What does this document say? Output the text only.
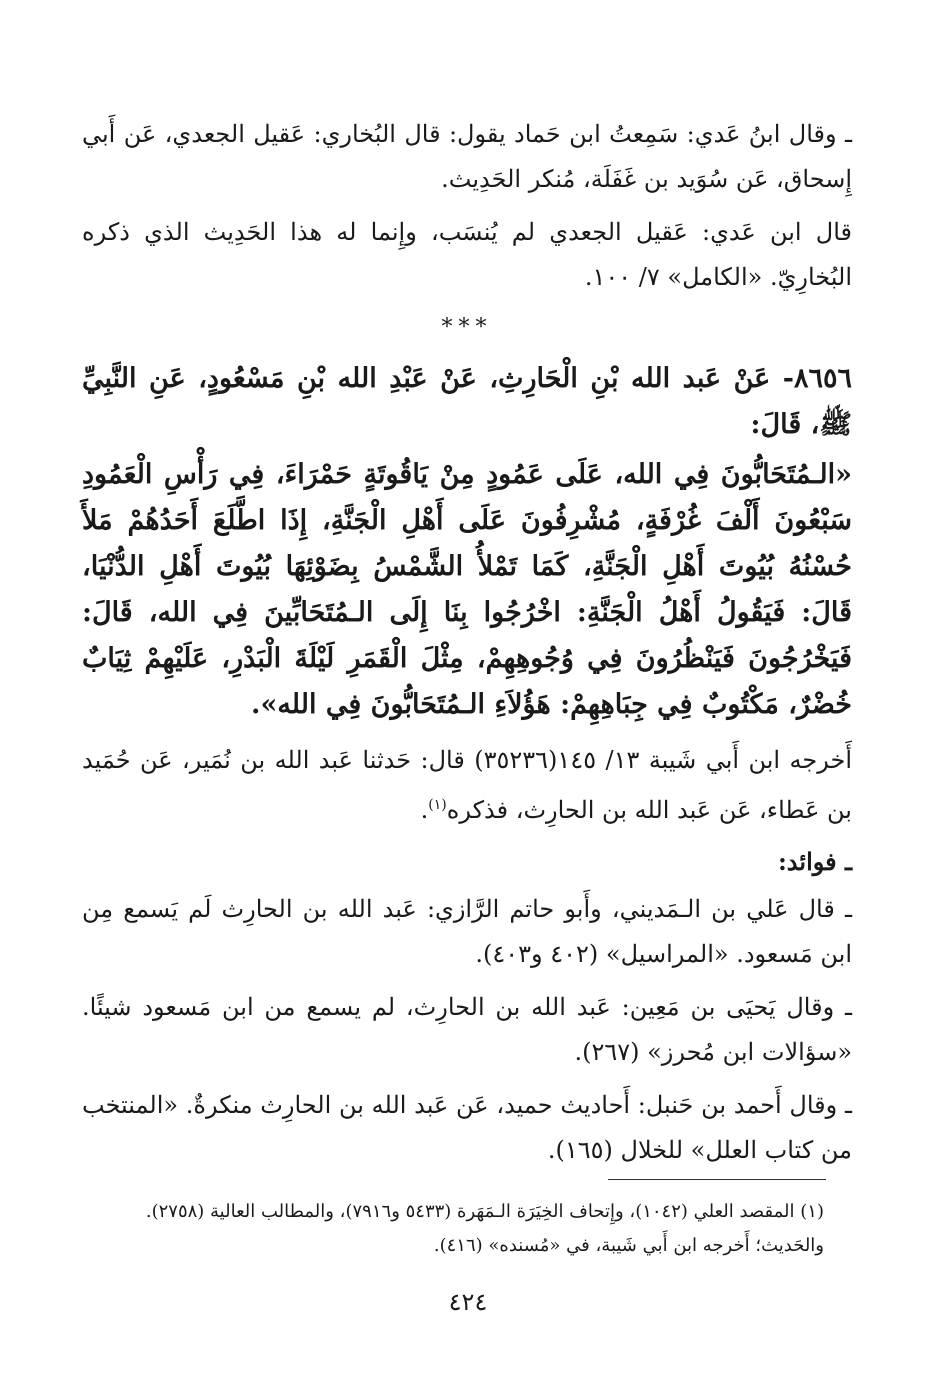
ـ وقال ابنُ عَدي: سَمِعتُ ابن حَماد يقول: قال البُخاري: عَقيل الجعدي، عَن أَبي إِسحاق، عَن سُوَيد بن غَفَلَة، مُنكر الحَدِيث.

قال ابن عَدي: عَقيل الجعدي لم يُنسَب، وإِنما له هذا الحَدِيث الذي ذكره البُخارِيّ. «الكامل» ٧/ ١٠٠.

***

٨٦٥٦- عَنْ عَبد الله بْنِ الْحَارِثِ، عَنْ عَبْدِ الله بْنِ مَسْعُودٍ، عَنِ النَّبِيِّ ﷺ، قَالَ:

«الـمُتَحَابُّونَ فِي الله، عَلَى عَمُودٍ مِنْ يَاقُوتَةٍ حَمْرَاءَ، فِي رَأْسِ الْعَمُودِ سَبْعُونَ أَلْفَ غُرْفَةٍ، مُشْرِفُونَ عَلَى أَهْلِ الْجَنَّةِ، إِذَا اطَّلَعَ أَحَدُهُمْ مَلأَ حُسْنُهُ بُيُوتَ أَهْلِ الْجَنَّةِ، كَمَا تَمْلأُ الشَّمْسُ بِضَوْئِهَا بُيُوتَ أَهْلِ الدُّنْيَا، قَالَ: فَيَقُولُ أَهْلُ الْجَنَّةِ: اخْرُجُوا بِنَا إِلَى الـمُتَحَابِّينَ فِي الله، قَالَ: فَيَخْرُجُونَ فَيَنْظُرُونَ فِي وُجُوهِهِمْ، مِثْلَ الْقَمَرِ لَيْلَةَ الْبَدْرِ، عَلَيْهِمْ ثِيَابٌ خُضْرٌ، مَكْتُوبٌ فِي جِبَاهِهِمْ: هَؤُلاَءِ الـمُتَحَابُّونَ فِي الله».

أَخرجه ابن أَبي شَيبة ١٣/ ١٤٥(٣٥٢٣٦) قال: حَدثنا عَبد الله بن نُمَير، عَن حُمَيد بن عَطاء، عَن عَبد الله بن الحارِث، فذكره$^{(١)}$.

ـ فوائد:

ـ قال عَلي بن الـمَديني، وأَبو حاتم الرَّازي: عَبد الله بن الحارِث لَم يَسمع مِن ابن مَسعود. «المراسيل» (٤٠٢ و٤٠٣).

ـ وقال يَحيَى بن مَعِين: عَبد الله بن الحارِث، لم يسمع من ابن مَسعود شيئًا. «سؤالات ابن مُحرز» (٢٦٧).

ـ وقال أَحمد بن حَنبل: أَحاديث حميد، عَن عَبد الله بن الحارِث منكرةٌ. «المنتخب من كتاب العلل» للخلال (١٦٥).

(١) المقصد العلي (١٠٤٢)، وإِتحاف الخِيَرَة الـمَهَرة (٥٤٣٣ و٧٩١٦)، والمطالب العالية (٢٧٥٨).
والحَديث؛ أَخرجه ابن أَبي شَيبة، في «مُسنده» (٤١٦).
٤٢٤
